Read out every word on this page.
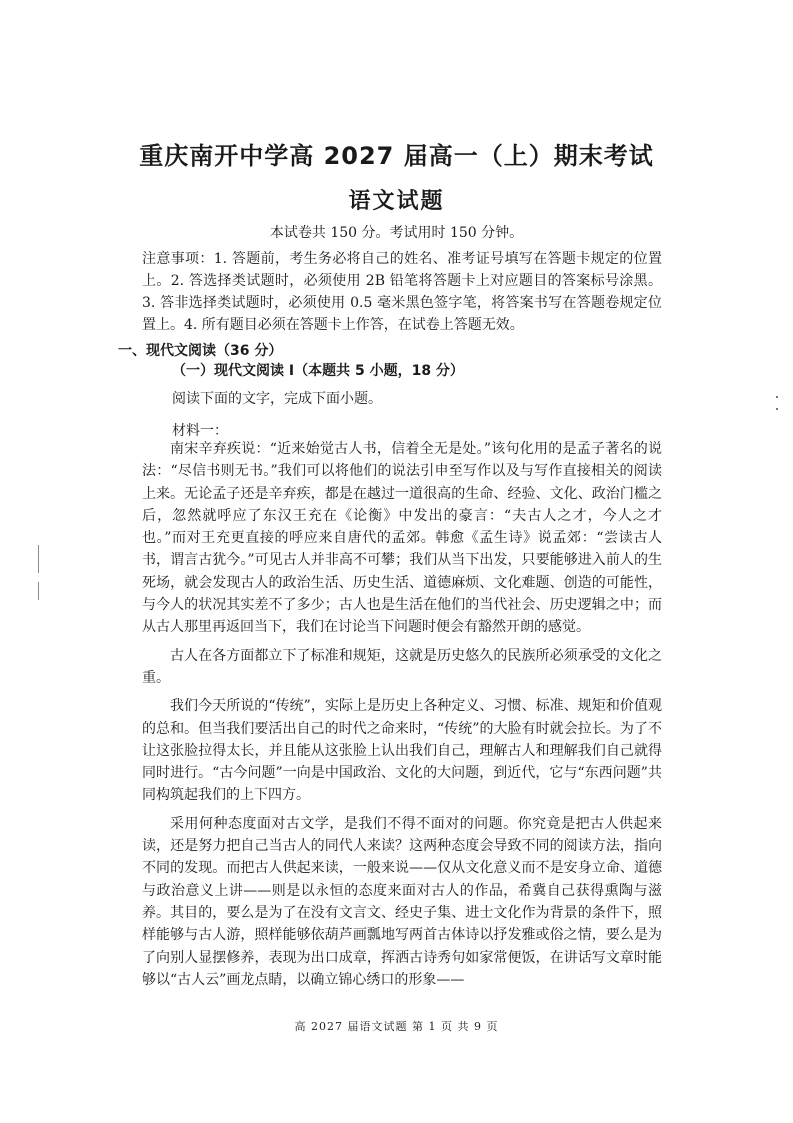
重庆南开中学高 2027 届高一（上）期末考试
语文试题
本试卷共 150 分。考试用时 150 分钟。
注意事项：1. 答题前，考生务必将自己的姓名、准考证号填写在答题卡规定的位置上。2. 答选择类试题时，必须使用 2B 铅笔将答题卡上对应题目的答案标号涂黑。3. 答非选择类试题时，必须使用 0.5 毫米黑色签字笔，将答案书写在答题卷规定位置上。4. 所有题目必须在答题卡上作答，在试卷上答题无效。
一、现代文阅读（36 分）
（一）现代文阅读 I（本题共 5 小题，18 分）
阅读下面的文字，完成下面小题。
材料一：

南宋辛弃疾说：“近来始觉古人书，信着全无是处。”该句化用的是孟子著名的说法：“尽信书则无书。”我们可以将他们的说法引申至写作以及与写作直接相关的阅读上来。无论孟子还是辛弃疾，都是在越过一道很高的生命、经验、文化、政治门槛之后，忽然就呼应了东汉王充在《论衡》中发出的豪言：“夫古人之才，今人之才也。”而对王充更直接的呼应来自唐代的孟郊。韩愈《孟生诗》说孟郊：“尝读古人书，谓言古犹今。”可见古人并非高不可攀；我们从当下出发，只要能够进入前人的生死场，就会发现古人的政治生活、历史生活、道德麻烦、文化难题、创造的可能性，与今人的状况其实差不了多少；古人也是生活在他们的当代社会、历史逻辑之中；而从古人那里再返回当下，我们在讨论当下问题时便会有豁然开朗的感觉。

古人在各方面都立下了标准和规矩，这就是历史悠久的民族所必须承受的文化之重。

我们今天所说的“传统”，实际上是历史上各种定义、习惯、标准、规矩和价值观的总和。但当我们要活出自己的时代之命来时，“传统”的大脸有时就会拉长。为了不让这张脸拉得太长，并且能从这张脸上认出我们自己，理解古人和理解我们自己就得同时进行。“古今问题”一向是中国政治、文化的大问题，到近代，它与“东西问题”共同构筑起我们的上下四方。

采用何种态度面对古文学，是我们不得不面对的问题。你究竟是把古人供起来读，还是努力把自己当古人的同代人来读？这两种态度会导致不同的阅读方法，指向不同的发现。而把古人供起来读，一般来说——仅从文化意义而不是安身立命、道德与政治意义上讲——则是以永恒的态度来面对古人的作品，希冀自己获得熏陶与滋养。其目的，要么是为了在没有文言文、经史子集、进士文化作为背景的条件下，照样能够与古人游，照样能够依葫芦画瓢地写两首古体诗以抒发雅或俗之情，要么是为了向别人显摆修养，表现为出口成章，挥洒古诗秀句如家常便饭，在讲话写文章时能够以“古人云”画龙点睛，以确立锦心绣口的形象——

高 2027 届语文试题 第 1 页 共 9 页
